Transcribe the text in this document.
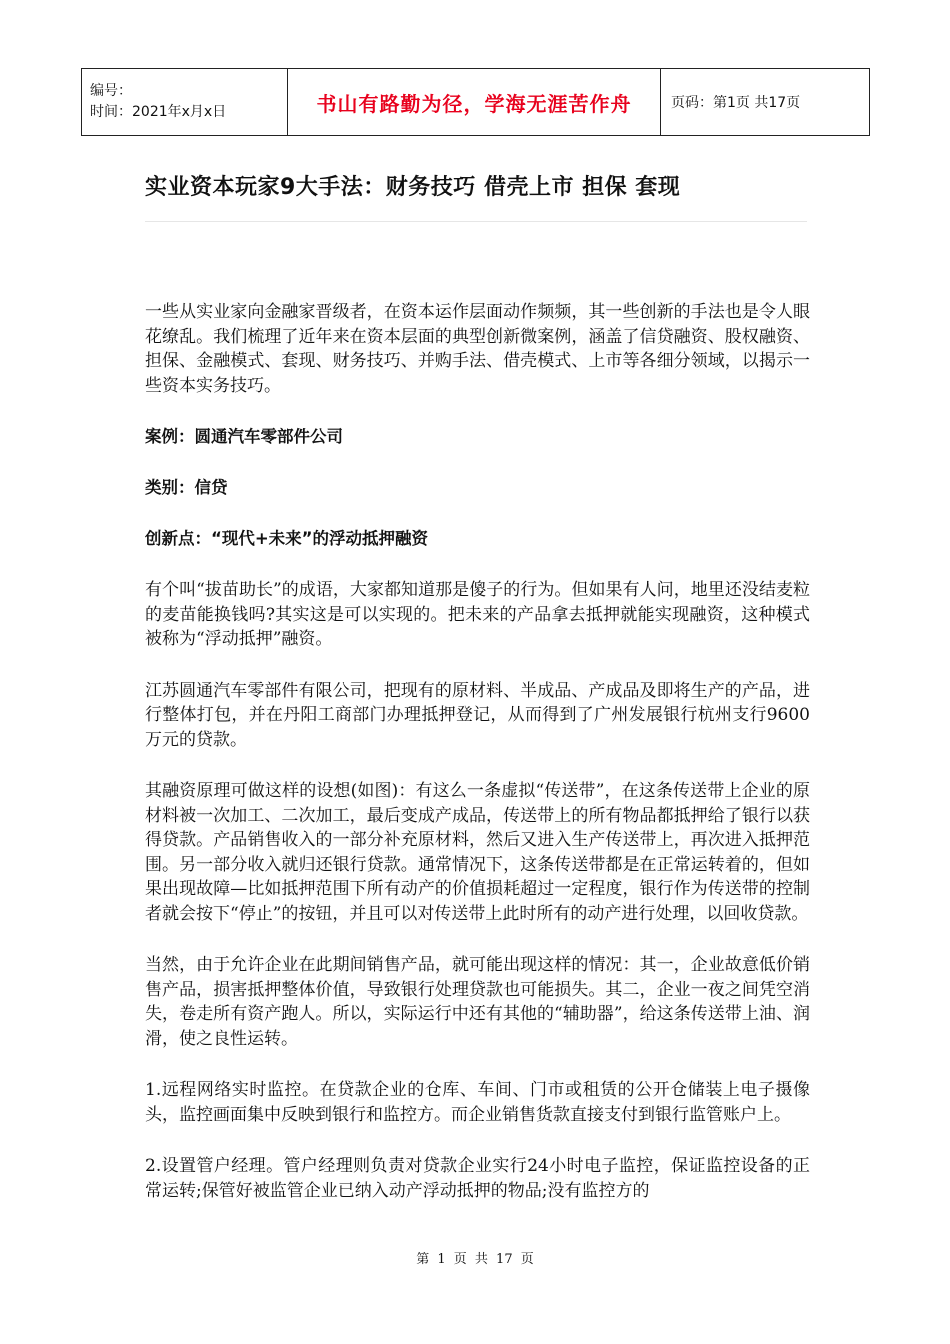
编号：
时间：2021年x月x日	书山有路勤为径，学海无涯苦作舟	页码：第1页 共17页
实业资本玩家9大手法：财务技巧 借壳上市 担保 套现

一些从实业家向金融家晋级者，在资本运作层面动作频频，其一些创新的手法也是令人眼花缭乱。我们梳理了近年来在资本层面的典型创新微案例，涵盖了信贷融资、股权融资、担保、金融模式、套现、财务技巧、并购手法、借壳模式、上市等各细分领域，以揭示一些资本实务技巧。

案例：圆通汽车零部件公司

类别：信贷

创新点：“现代+未来”的浮动抵押融资

有个叫“拔苗助长”的成语，大家都知道那是傻子的行为。但如果有人问，地里还没结麦粒的麦苗能换钱吗?其实这是可以实现的。把未来的产品拿去抵押就能实现融资，这种模式被称为“浮动抵押”融资。

江苏圆通汽车零部件有限公司，把现有的原材料、半成品、产成品及即将生产的产品，进行整体打包，并在丹阳工商部门办理抵押登记，从而得到了广州发展银行杭州支行9600万元的贷款。

其融资原理可做这样的设想(如图)：有这么一条虚拟“传送带”，在这条传送带上企业的原材料被一次加工、二次加工，最后变成产成品，传送带上的所有物品都抵押给了银行以获得贷款。产品销售收入的一部分补充原材料，然后又进入生产传送带上，再次进入抵押范围。另一部分收入就归还银行贷款。通常情况下，这条传送带都是在正常运转着的，但如果出现故障—比如抵押范围下所有动产的价值损耗超过一定程度，银行作为传送带的控制者就会按下“停止”的按钮，并且可以对传送带上此时所有的动产进行处理，以回收贷款。

当然，由于允许企业在此期间销售产品，就可能出现这样的情况：其一，企业故意低价销售产品，损害抵押整体价值，导致银行处理贷款也可能损失。其二，企业一夜之间凭空消失，卷走所有资产跑人。所以，实际运行中还有其他的“辅助器”，给这条传送带上油、润滑，使之良性运转。

1.远程网络实时监控。在贷款企业的仓库、车间、门市或租赁的公开仓储装上电子摄像头，监控画面集中反映到银行和监控方。而企业销售货款直接支付到银行监管账户上。

2.设置管户经理。管户经理则负责对贷款企业实行24小时电子监控，保证监控设备的正常运转;保管好被监管企业已纳入动产浮动抵押的物品;没有监控方的

第 1 页 共 17 页
